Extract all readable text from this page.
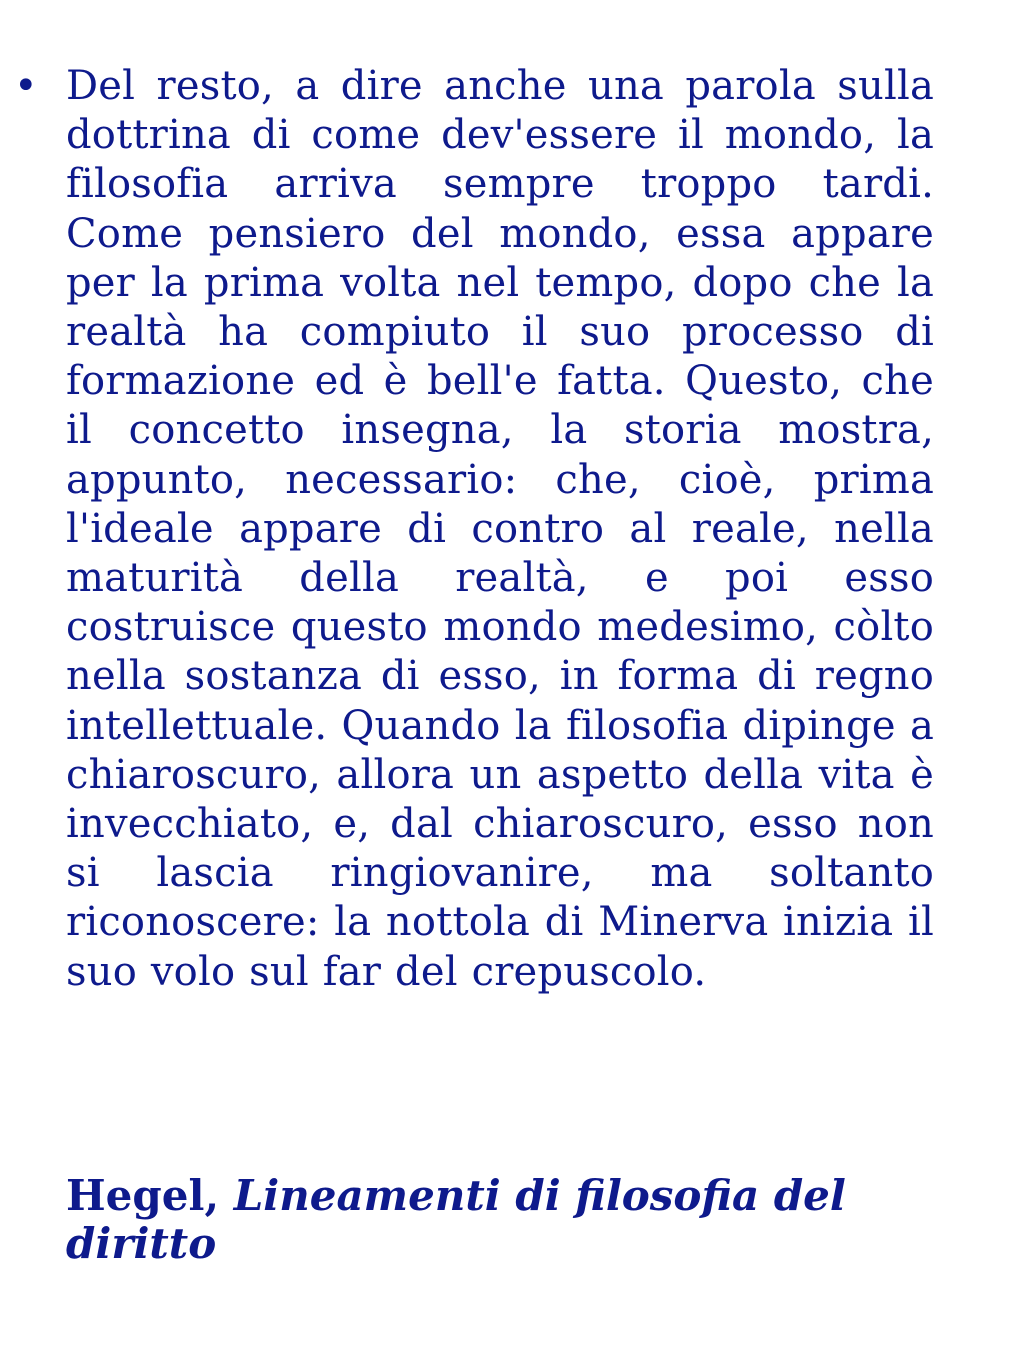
• Del resto, a dire anche una parola sulla dottrina di come dev'essere il mondo, la filosofia arriva sempre troppo tardi. Come pensiero del mondo, essa appare per la prima volta nel tempo, dopo che la realtà ha compiuto il suo processo di formazione ed è bell'e fatta. Questo, che il concetto insegna, la storia mostra, appunto, necessario: che, cioè, prima l'ideale appare di contro al reale, nella maturità della realtà, e poi esso costruisce questo mondo medesimo, còlto nella sostanza di esso, in forma di regno intellettuale. Quando la filosofia dipinge a chiaroscuro, allora un aspetto della vita è invecchiato, e, dal chiaroscuro, esso non si lascia ringiovanire, ma soltanto riconoscere: la nottola di Minerva inizia il suo volo sul far del crepuscolo.

Hegel, Lineamenti di filosofia del diritto
